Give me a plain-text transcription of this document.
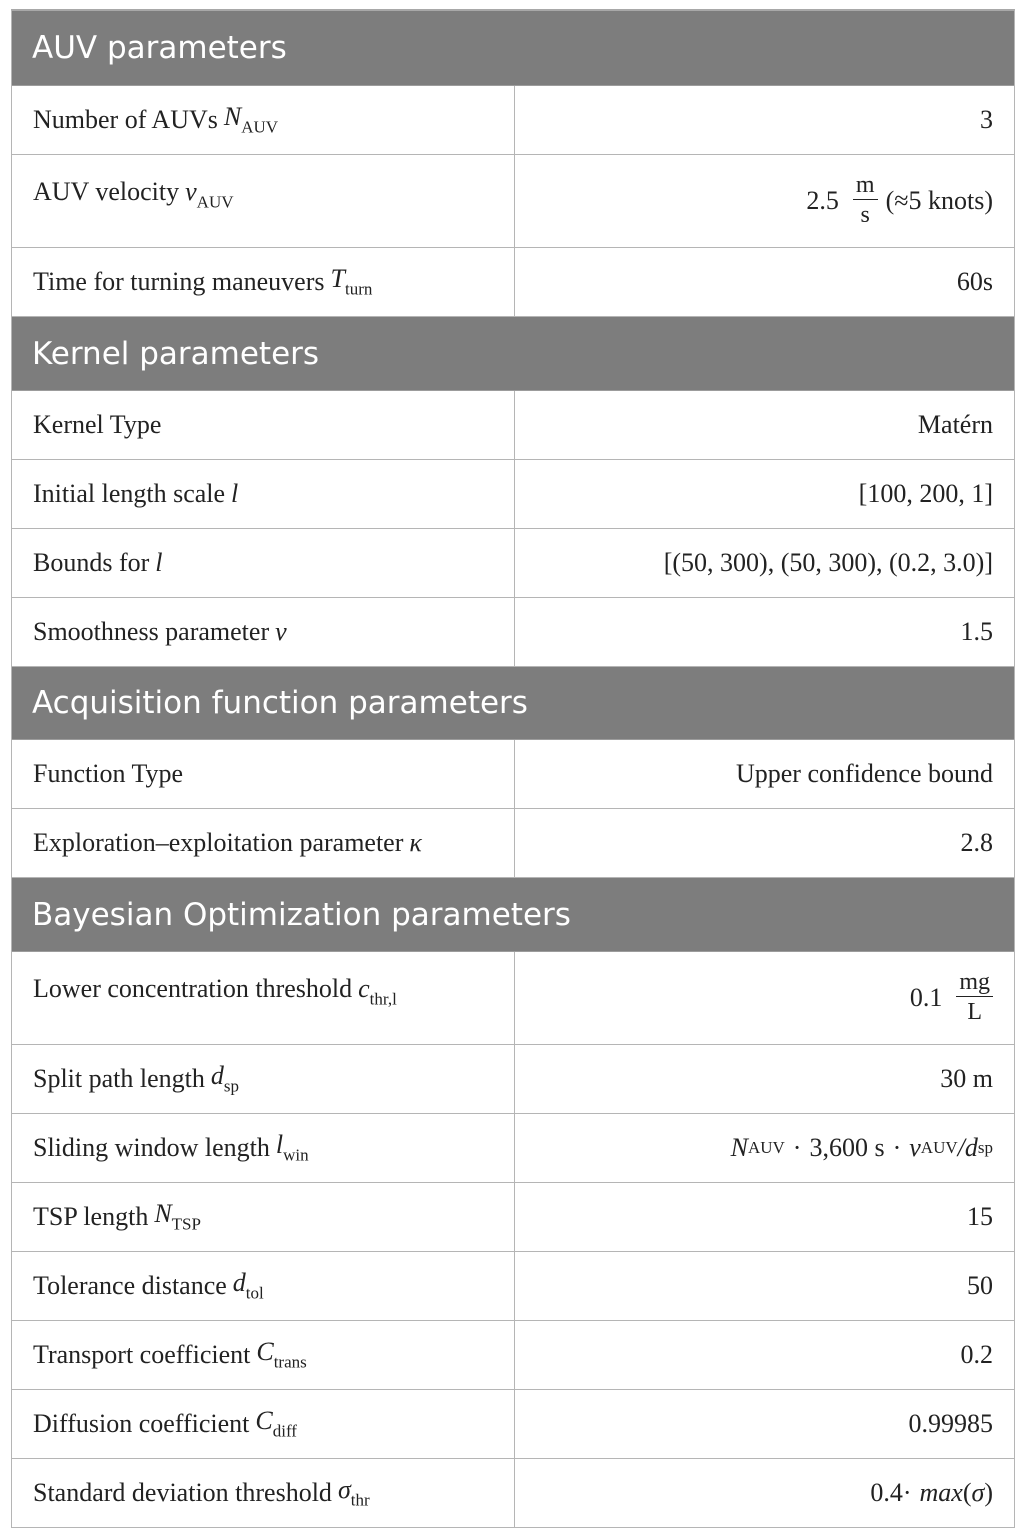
AUV parameters
Number of AUVs $N_{AUV}$	3
AUV velocity $v_{AUV}$	$2.5 \frac{m}{s} (\approx 5$ knots)
Time for turning maneuvers $T_{turn}$	60s
Kernel parameters
Kernel Type	Matérn
Initial length scale l	[100, 200, 1]
Bounds for l	[(50, 300), (50, 300), (0.2, 3.0)]
Smoothness parameter ν	1.5
Acquisition function parameters
Function Type	Upper confidence bound
Exploration–exploitation parameter κ	2.8
Bayesian Optimization parameters
Lower concentration threshold $c_{thr,l}$	$0.1 \frac{mg}{L}$
Split path length $d_{sp}$	30 m
Sliding window length $l_{win}$	N AUV · 3,600 s · v AUV /d sp
TSP length $N_{TSP}$	15
Tolerance distance $d_{tol}$	50
Transport coefficient $C_{trans}$	0.2
Diffusion coefficient $C_{diff}$	0.99985
Standard deviation threshold $\sigma_{thr}$	0.4· max ( σ )
